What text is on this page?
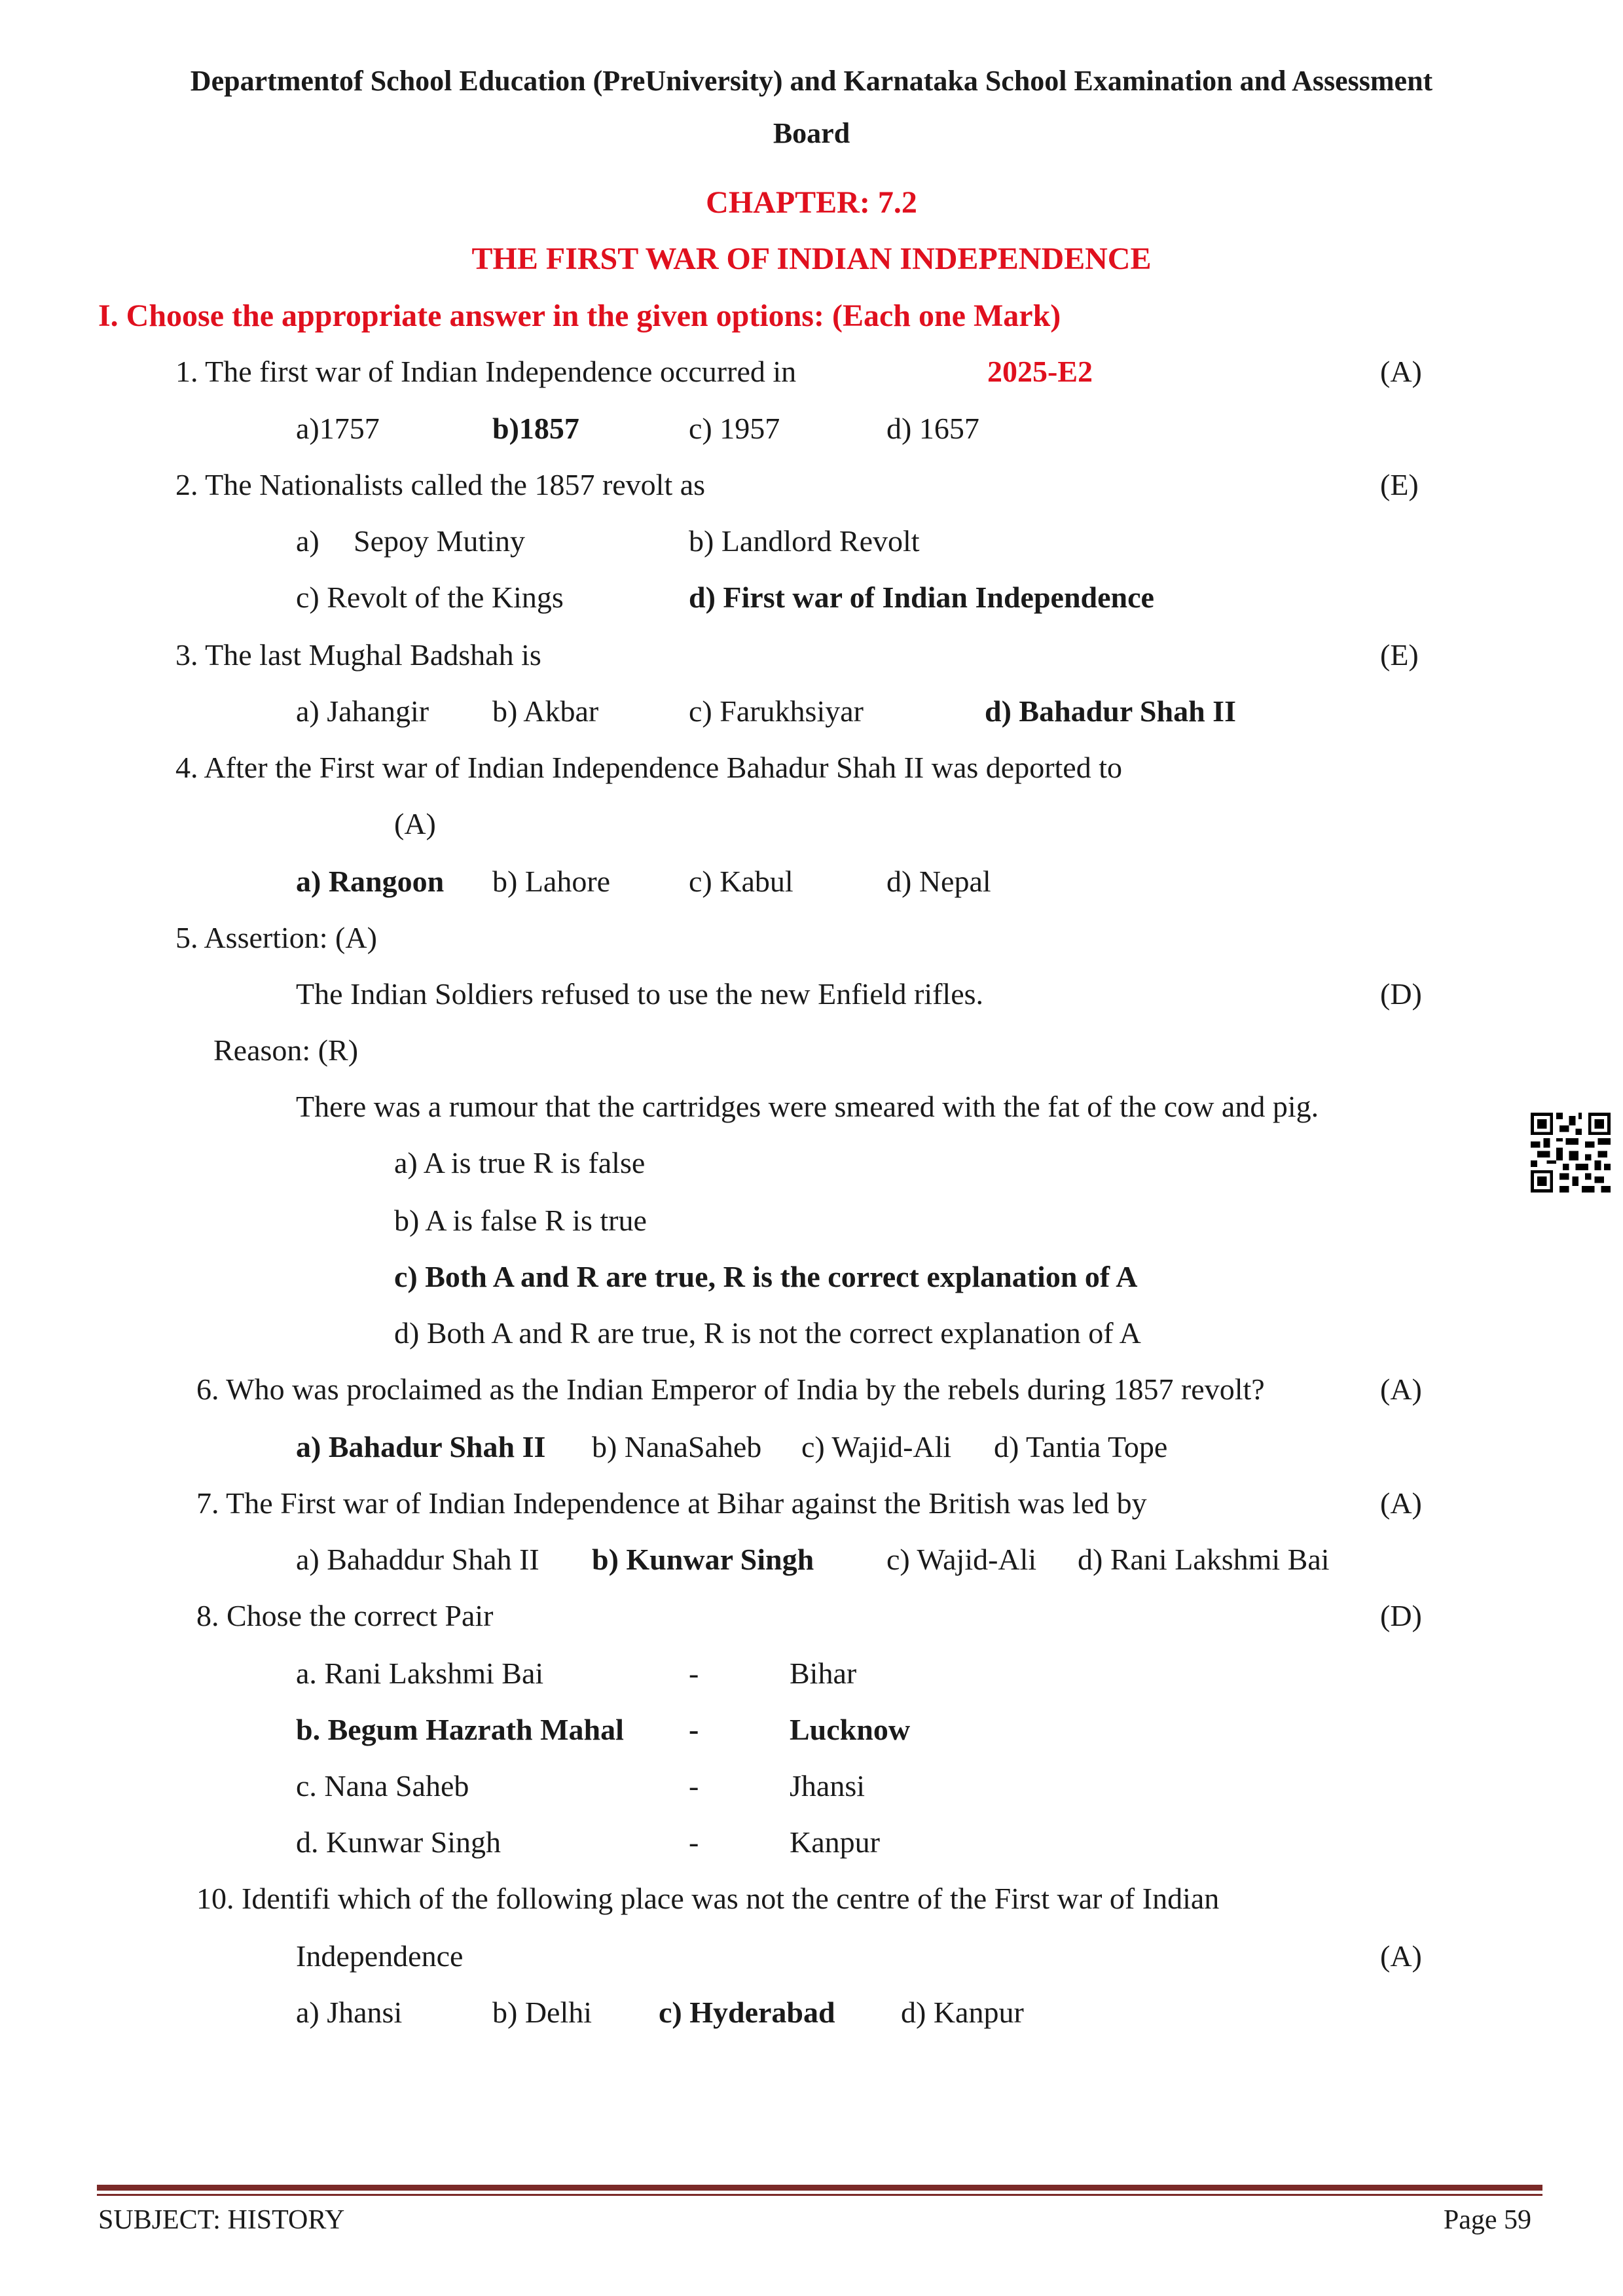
Departmentof School Education (PreUniversity) and Karnataka School Examination and Assessment
Board
CHAPTER: 7.2
THE FIRST WAR OF INDIAN INDEPENDENCE
I. Choose the appropriate answer in the given options: (Each one Mark)
1. The first war of Indian Independence occurred in	2025-E2	(A)
a)1757	b)1857	c) 1957	d) 1657
2. The Nationalists called the 1857 revolt as	(E)
a) Sepoy Mutiny	b) Landlord Revolt
c) Revolt of the Kings	d) First war of Indian Independence
3. The last Mughal Badshah is	(E)
a) Jahangir b) Akbar	c) Farukhsiyar	d) Bahadur Shah II
4. After the First war of Indian Independence Bahadur Shah II was deported to
(A)
a) Rangoon b) Lahore	c) Kabul	d) Nepal
5. Assertion: (A)
The Indian Soldiers refused to use the new Enfield rifles.	(D)
Reason: (R)
There was a rumour that the cartridges were smeared with the fat of the cow and pig.
a) A is true R is false
b) A is false R is true
c) Both A and R are true, R is the correct explanation of A
d) Both A and R are true, R is not the correct explanation of A
6. Who was proclaimed as the Indian Emperor of India by the rebels during 1857 revolt?	(A)
a) Bahadur Shah II b) NanaSaheb c) Wajid-Ali d) Tantia Tope
7. The First war of Indian Independence at Bihar against the British was led by	(A)
a) Bahaddur Shah II b) Kunwar Singh c) Wajid-Ali d) Rani Lakshmi Bai
8. Chose the correct Pair	(D)
a. Rani Lakshmi Bai	-	Bihar
b. Begum Hazrath Mahal -	Lucknow
c. Nana Saheb	-	Jhansi
d. Kunwar Singh	-	Kanpur
10. Identifi which of the following place was not the centre of the First war of Indian
Independence	(A)
a) Jhansi	b) Delhi c) Hyderabad d) Kanpur
SUBJECT: HISTORY	Page 59
